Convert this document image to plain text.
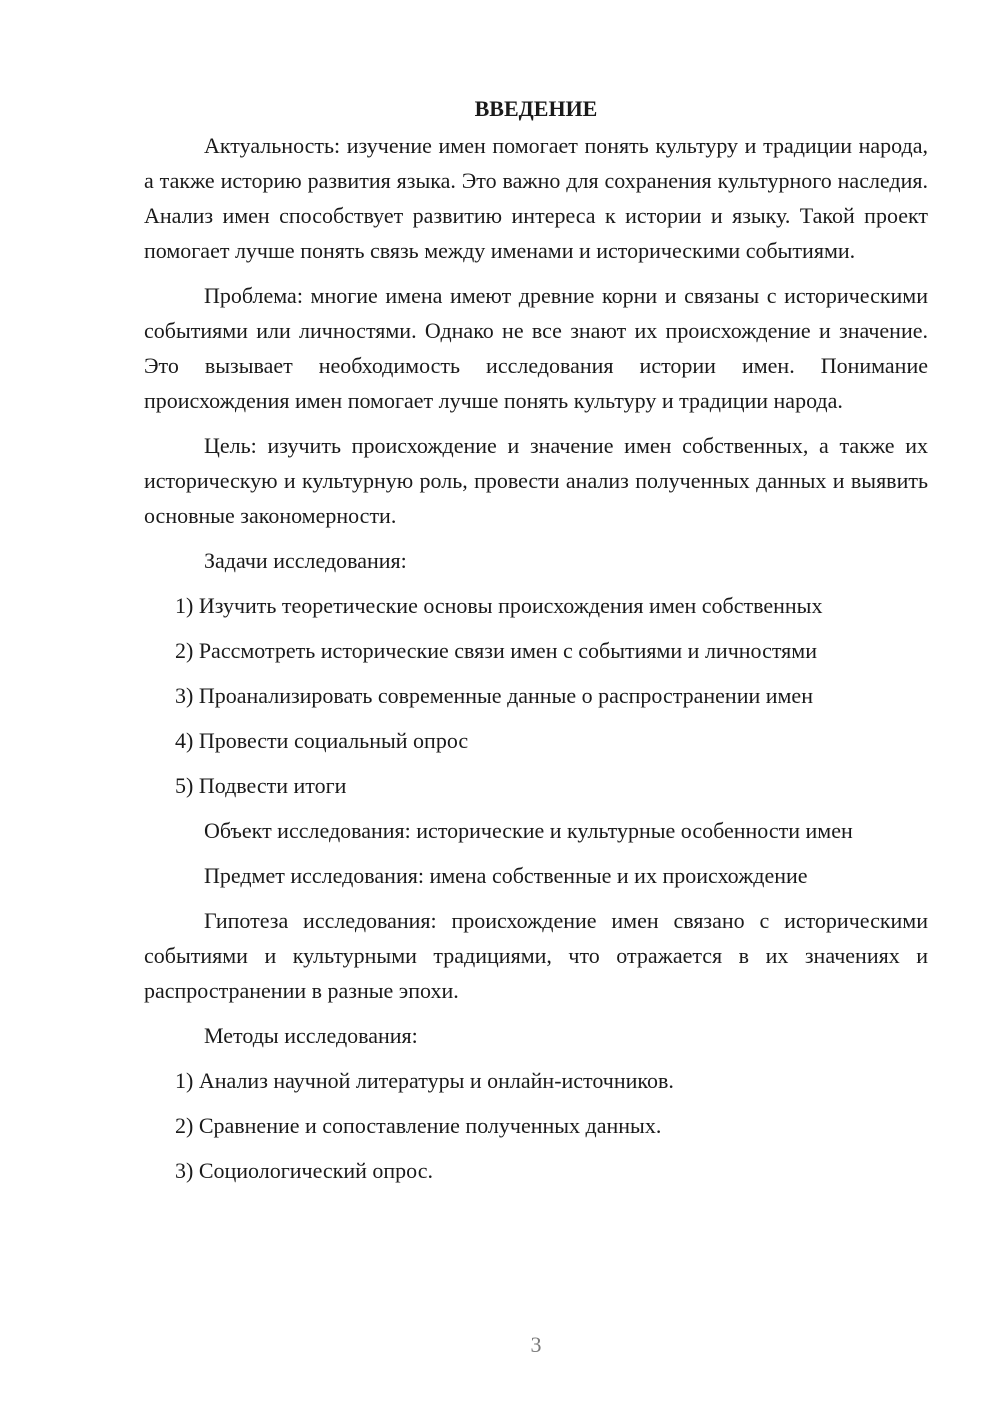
ВВЕДЕНИЕ

Актуальность: изучение имен помогает понять культуру и традиции народа, а также историю развития языка. Это важно для сохранения культурного наследия. Анализ имен способствует развитию интереса к истории и языку. Такой проект помогает лучше понять связь между именами и историческими событиями.

Проблема: многие имена имеют древние корни и связаны с историческими событиями или личностями. Однако не все знают их происхождение и значение. Это вызывает необходимость исследования истории имен. Понимание происхождения имен помогает лучше понять культуру и традиции народа.

Цель: изучить происхождение и значение имен собственных, а также их историческую и культурную роль, провести анализ полученных данных и выявить основные закономерности.

Задачи исследования:

1) Изучить теоретические основы происхождения имен собственных
2) Рассмотреть исторические связи имен с событиями и личностями
3) Проанализировать современные данные о распространении имен
4) Провести социальный опрос
5) Подвести итоги

Объект исследования: исторические и культурные особенности имен

Предмет исследования: имена собственные и их происхождение

Гипотеза исследования: происхождение имен связано с историческими событиями и культурными традициями, что отражается в их значениях и распространении в разные эпохи.

Методы исследования:

1) Анализ научной литературы и онлайн-источников.
2) Сравнение и сопоставление полученных данных.
3) Социологический опрос.
3
